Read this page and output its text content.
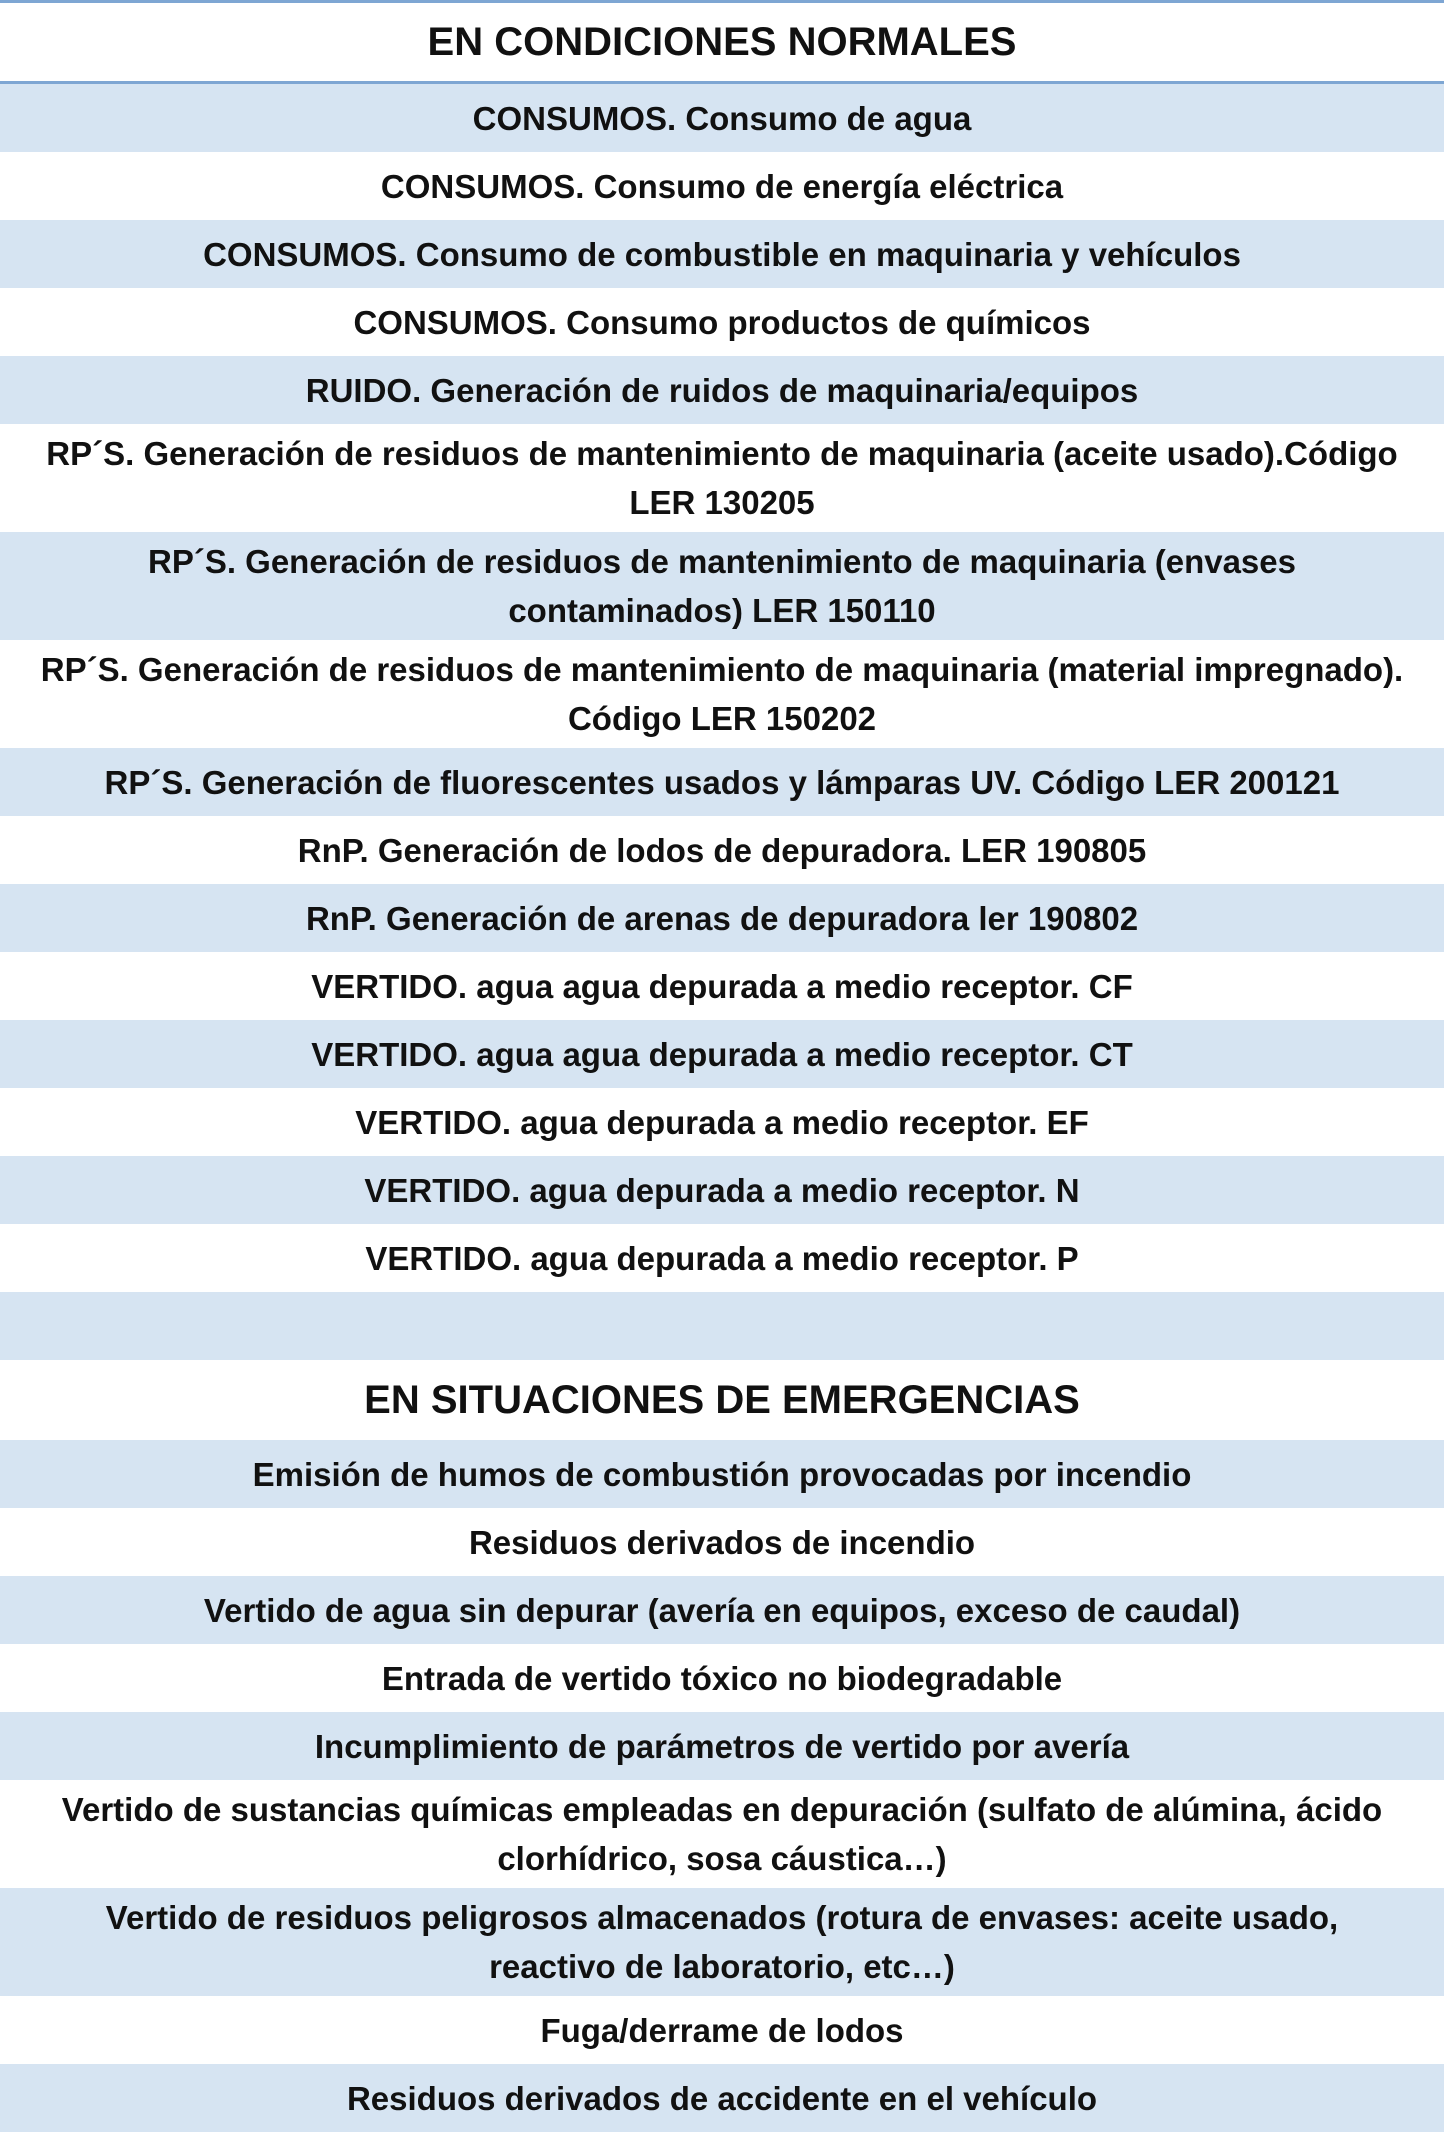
EN CONDICIONES NORMALES
CONSUMOS. Consumo de agua
CONSUMOS. Consumo de energía eléctrica
CONSUMOS. Consumo de combustible en maquinaria y vehículos
CONSUMOS. Consumo productos de químicos
RUIDO. Generación de ruidos de maquinaria/equipos
RP´S. Generación de residuos de mantenimiento de maquinaria (aceite usado).Código LER 130205
RP´S. Generación de residuos de mantenimiento de maquinaria (envases contaminados) LER 150110
RP´S. Generación de residuos de mantenimiento de maquinaria (material impregnado). Código LER 150202
RP´S. Generación de fluorescentes usados y lámparas UV. Código LER 200121
RnP. Generación de lodos de depuradora. LER 190805
RnP. Generación de arenas de depuradora ler 190802
VERTIDO. agua agua depurada a medio receptor. CF
VERTIDO. agua agua depurada a medio receptor. CT
VERTIDO. agua depurada a medio receptor. EF
VERTIDO. agua depurada a medio receptor. N
VERTIDO. agua depurada a medio receptor. P
EN SITUACIONES DE EMERGENCIAS
Emisión de humos de combustión provocadas por incendio
Residuos derivados de incendio
Vertido de agua sin depurar (avería en equipos, exceso de caudal)
Entrada de vertido tóxico no biodegradable
Incumplimiento de parámetros de vertido por avería
Vertido de sustancias químicas empleadas en depuración (sulfato de alúmina, ácido clorhídrico, sosa cáustica…)
Vertido de residuos peligrosos almacenados (rotura de envases: aceite usado, reactivo de laboratorio, etc…)
Fuga/derrame de lodos
Residuos derivados de accidente en el vehículo
